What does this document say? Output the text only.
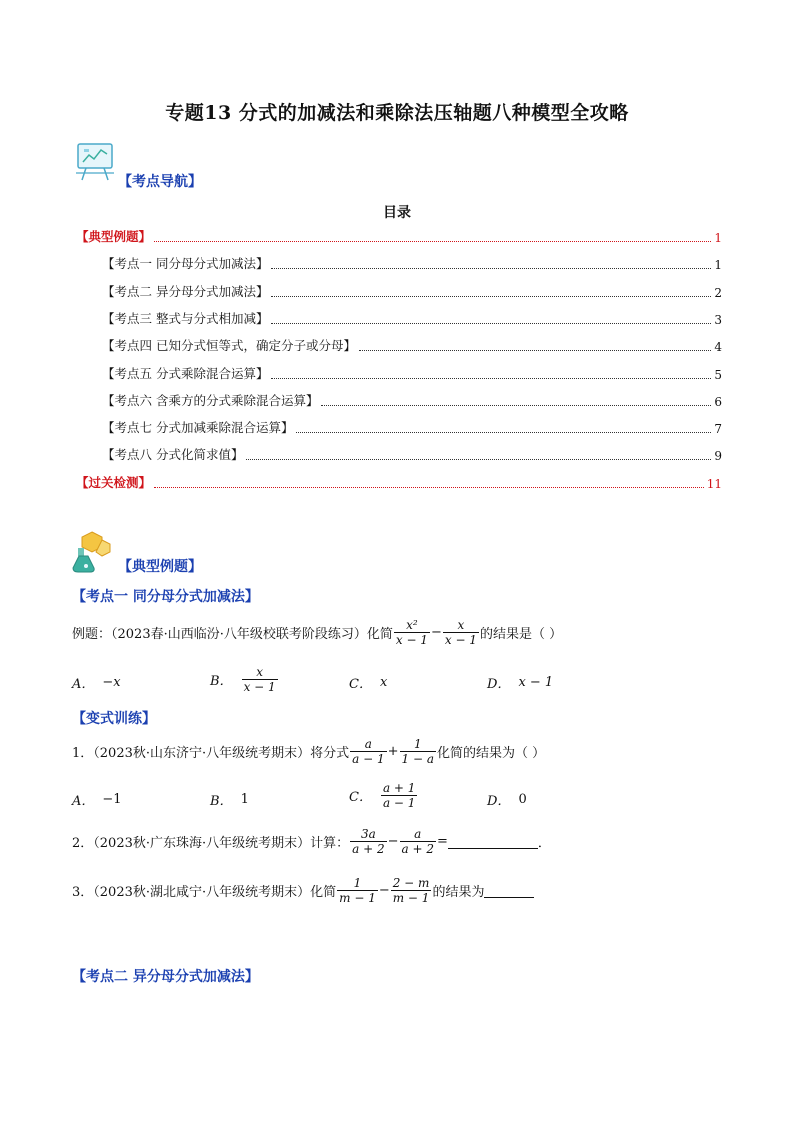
专题13 分式的加减法和乘除法压轴题八种模型全攻略
【考点导航】
目录
【典型例题】	1
【考点一 同分母分式加减法】	1
【考点二 异分母分式加减法】	2
【考点三 整式与分式相加减】	3
【考点四 已知分式恒等式，确定分子或分母】	4
【考点五 分式乘除混合运算】	5
【考点六 含乘方的分式乘除混合运算】	6
【考点七 分式加减乘除混合运算】	7
【考点八 分式化简求值】	9
【过关检测】	11
【典型例题】
【考点一 同分母分式加减法】
例题：（2023春·山西临汾·八年级校联考阶段练习）化简 $\frac{\text{x²}}{x - 1} - \frac{x}{x - 1}$ 的结果是（ ）
A． −x	B． $\frac{x}{x - 1}$	C． x	D． x − 1
【变式训练】
1．（2023秋·山东济宁·八年级统考期末）将分式 $\frac{a}{a - 1} + \frac{1}{1 - a}$ 化简的结果为（ ）
A． −1	B． 1	C． $\frac{a + 1}{a - 1}$	D． 0
2．（2023秋·广东珠海·八年级统考期末）计算： $\frac{3a}{a + 2} - \frac{a}{a + 2}$ =	．
3．（2023秋·湖北咸宁·八年级统考期末）化简 $\frac{1}{m - 1} - \frac{2 - m}{m - 1}$ 的结果为
【考点二 异分母分式加减法】
